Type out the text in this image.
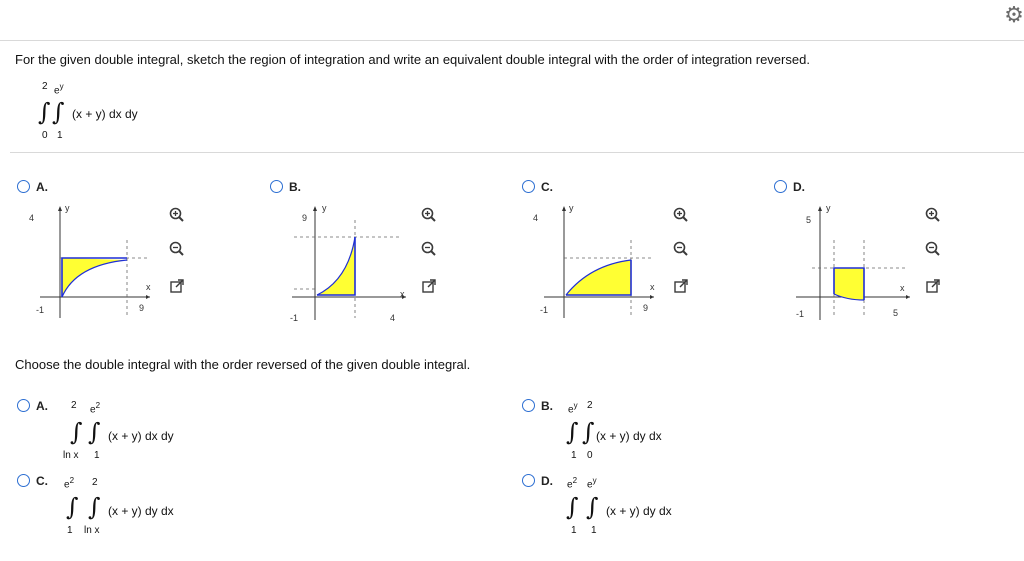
⚙
For the given double integral, sketch the region of integration and write an equivalent double integral with the order of integration reversed.
2 $e^y$
∫ ∫ (x + y) dx dy
0 1
A.
4
y
x
9
-1
B.
9
y
x
4
-1
C.
4
y
x
9
-1
D.
5
y
x
5
-1
Choose the double integral with the order reversed of the given double integral.
A. 2 $e^2$
∫ ∫ (x + y) dx dy
ln x 1
B. $e^y$ 2
∫ ∫ (x + y) dy dx
1 0
C. $e^2$ 2
∫ ∫ (x + y) dy dx
1 ln x
D. $e^2$ $e^y$
∫ ∫ (x + y) dy dx
1 1
